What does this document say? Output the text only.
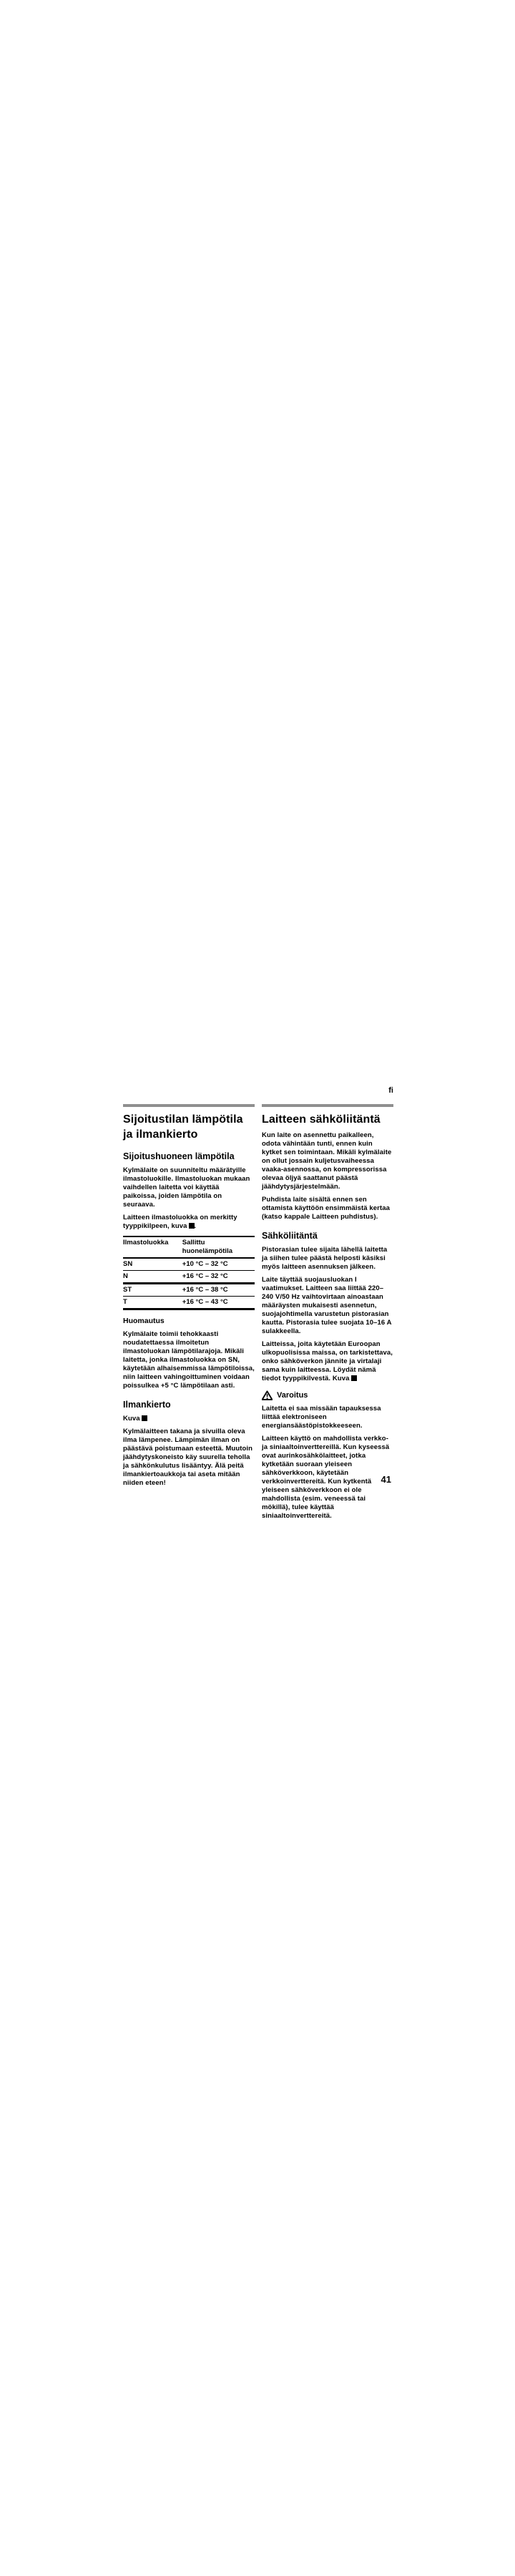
fi
Sijoitustilan lämpötila ja ilmankierto
Sijoitushuoneen lämpötila

Kylmälaite on suunniteltu määrätyille ilmastoluokille. Ilmastoluokan mukaan vaihdellen laitetta voi käyttää paikoissa, joiden lämpötila on seuraava.

Laitteen ilmastoluokka on merkitty tyyppikilpeen, kuva .

Ilmastoluokka	Sallittu huonelämpötila
SN	+10 °C – 32 °C
N	+16 °C – 32 °C
ST	+16 °C – 38 °C
T	+16 °C – 43 °C
Huomautus

Kylmälaite toimii tehokkaasti noudatettaessa ilmoitetun ilmastoluokan lämpötilarajoja. Mikäli laitetta, jonka ilmastoluokka on SN, käytetään alhaisemmissa lämpötiloissa, niin laitteen vahingoittuminen voidaan poissulkea +5 °C lämpötilaan asti.

Ilmankierto

Kuva

Kylmälaitteen takana ja sivuilla oleva ilma lämpenee. Lämpimän ilman on päästävä poistumaan esteettä. Muutoin jäähdytyskoneisto käy suurella teholla ja sähkönkulutus lisääntyy. Älä peitä ilmankiertoaukkoja tai aseta mitään niiden eteen!

Laitteen sähköliitäntä

Kun laite on asennettu paikalleen, odota vähintään tunti, ennen kuin kytket sen toimintaan. Mikäli kylmälaite on ollut jossain kuljetusvaiheessa vaaka-asennossa, on kompressorissa olevaa öljyä saattanut päästä jäähdytysjärjestelmään.

Puhdista laite sisältä ennen sen ottamista käyttöön ensimmäistä kertaa (katso kappale Laitteen puhdistus).

Sähköliitäntä

Pistorasian tulee sijaita lähellä laitetta ja siihen tulee päästä helposti käsiksi myös laitteen asennuksen jälkeen.

Laite täyttää suojausluokan I vaatimukset. Laitteen saa liittää 220–240 V/50 Hz vaihtovirtaan ainoastaan määräysten mukaisesti asennetun, suojajohtimella varustetun pistorasian kautta. Pistorasia tulee suojata 10–16 A sulakkeella.

Laitteissa, joita käytetään Euroopan ulkopuolisissa maissa, on tarkistettava, onko sähköverkon jännite ja virtalaji sama kuin laitteessa. Löydät nämä tiedot tyyppikilvestä. Kuva

Varoitus

Laitetta ei saa missään tapauksessa liittää elektroniseen energiansäästöpistokkeeseen.

Laitteen käyttö on mahdollista verkko- ja siniaaltoinverttereillä. Kun kyseessä ovat aurinkosähkölaitteet, jotka kytketään suoraan yleiseen sähköverkkoon, käytetään verkkoinverttereitä. Kun kytkentä yleiseen sähköverkkoon ei ole mahdollista (esim. veneessä tai mökillä), tulee käyttää siniaaltoinverttereitä.

41
